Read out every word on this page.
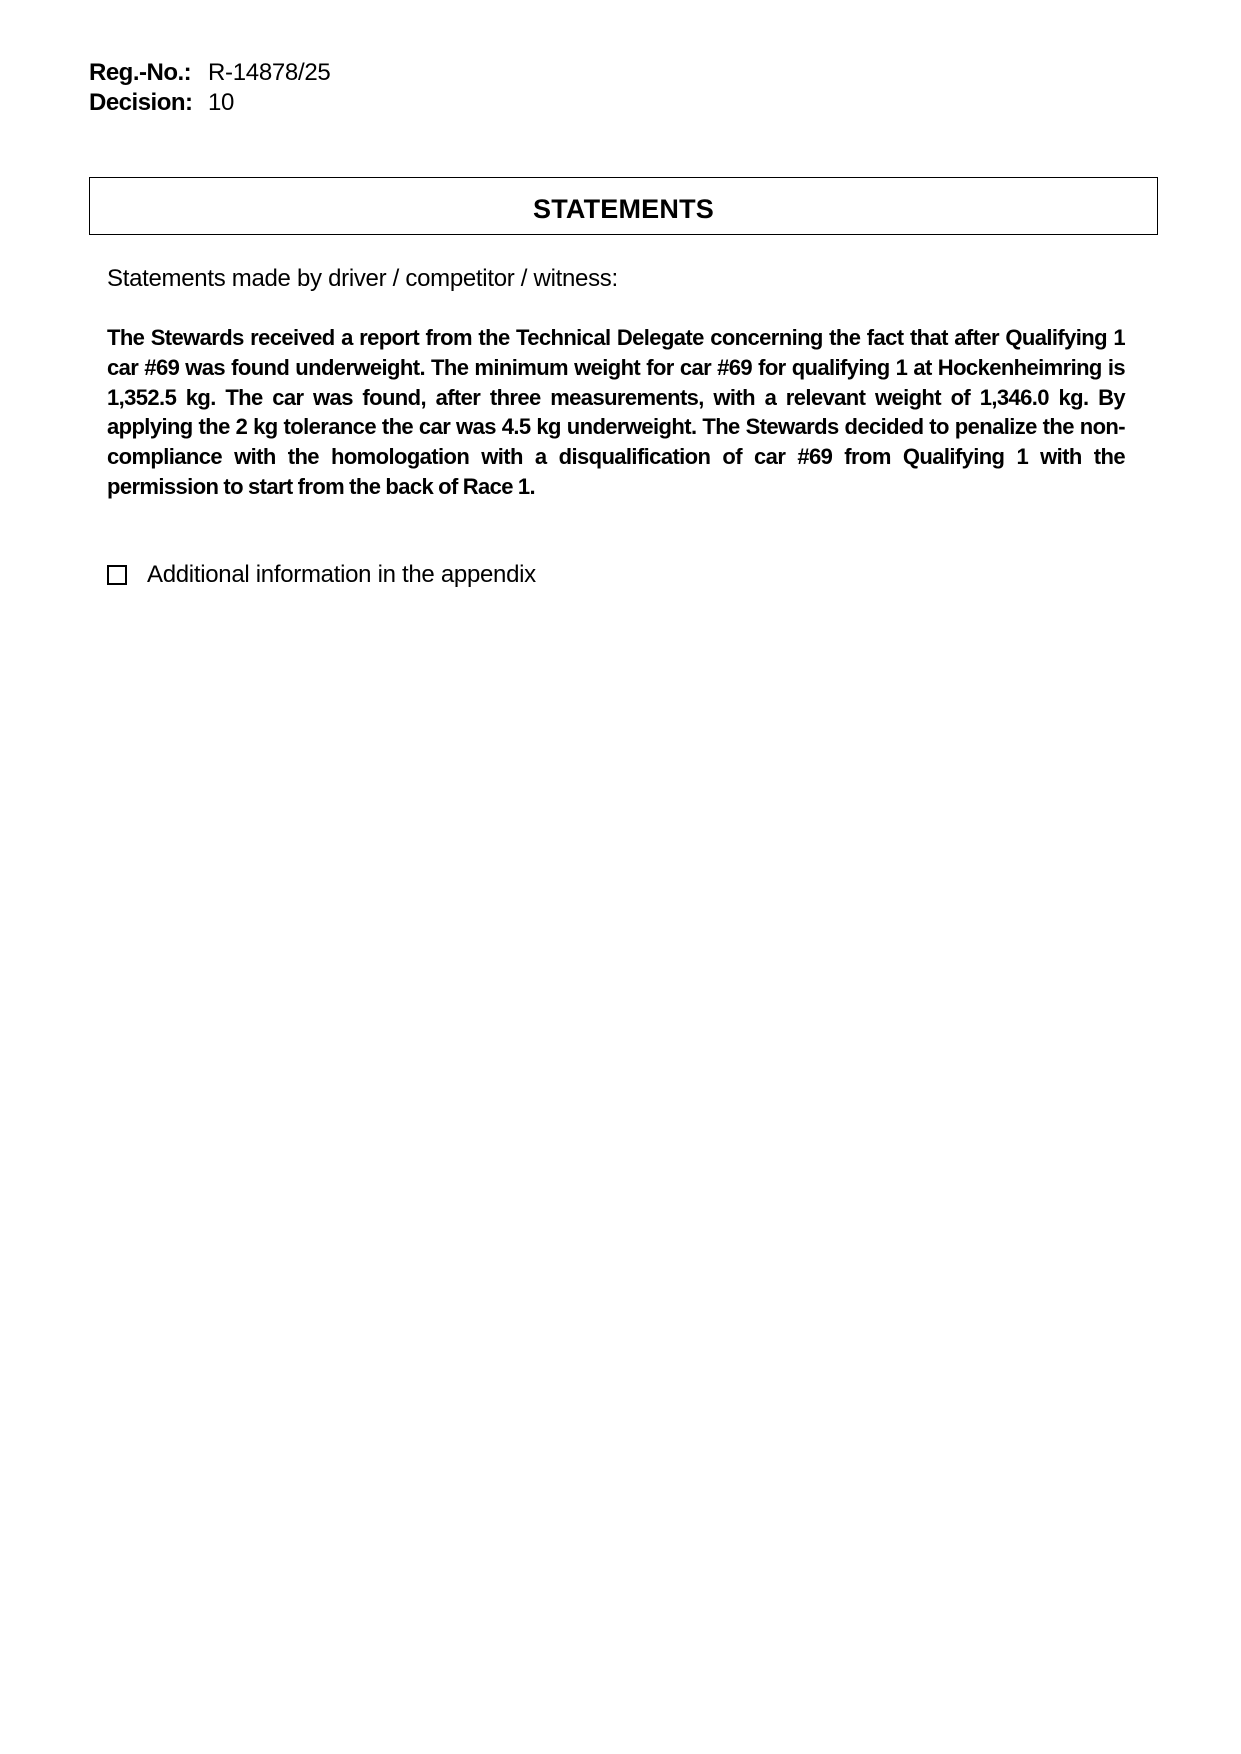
Reg.-No.: R-14878/25
Decision: 10
STATEMENTS
Statements made by driver / competitor / witness:

The Stewards received a report from the Technical Delegate concerning the fact that after Qualifying 1 car #69 was found underweight. The minimum weight for car #69 for qualifying 1 at Hockenheimring is 1,352.5 kg. The car was found, after three measurements, with a relevant weight of 1,346.0 kg. By applying the 2 kg tolerance the car was 4.5 kg underweight. The Stewards decided to penalize the non-compliance with the homologation with a disqualification of car #69 from Qualifying 1 with the permission to start from the back of Race 1.

Additional information in the appendix
